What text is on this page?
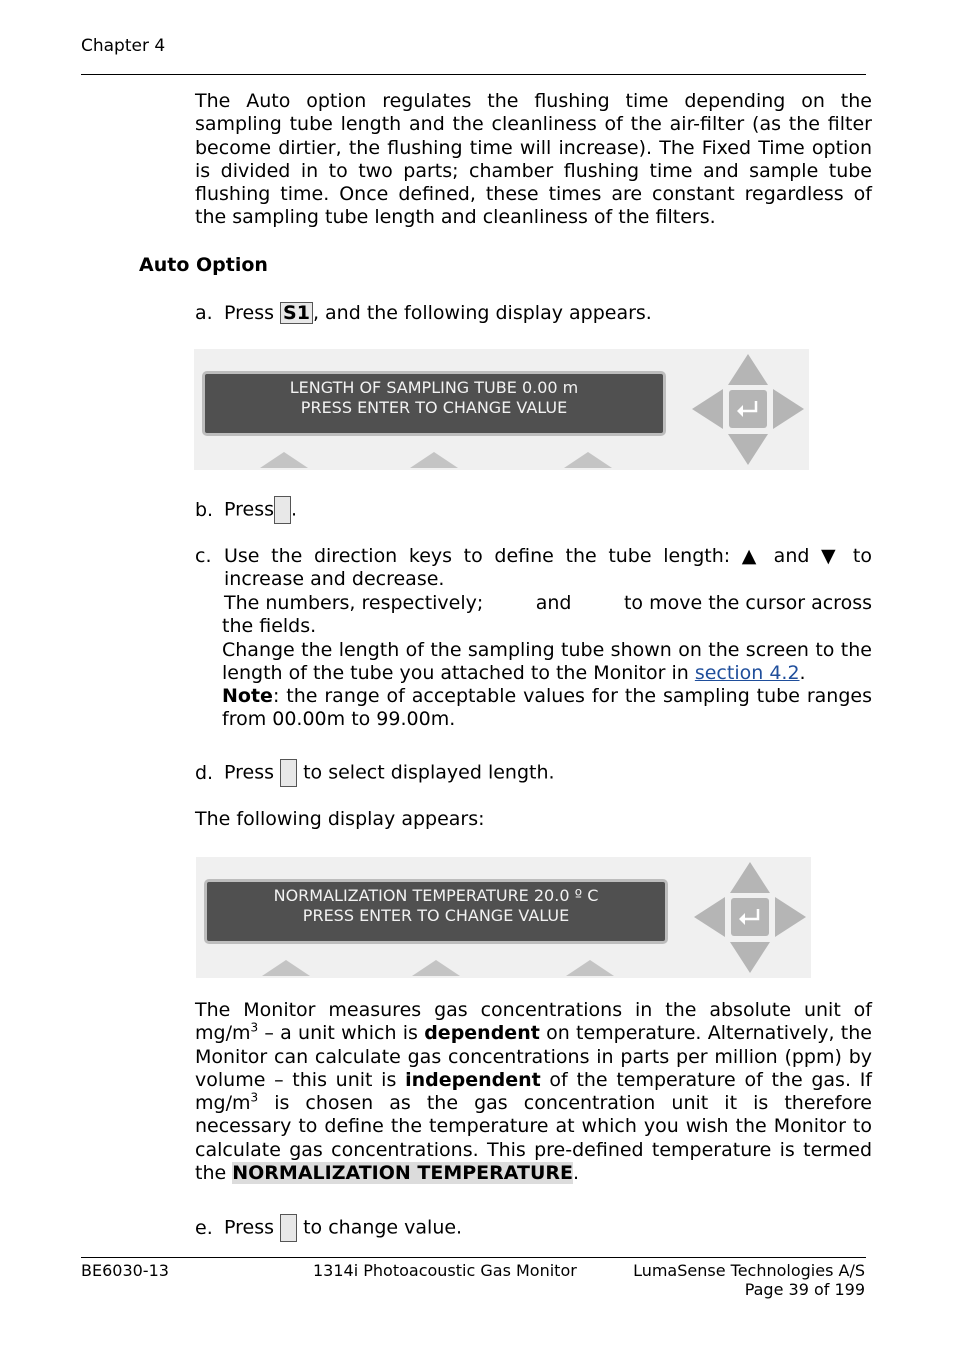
Chapter 4
The Auto option regulates the flushing time depending on the sampling tube length and the cleanliness of the air-filter (as the filter become dirtier, the flushing time will increase). The Fixed Time option is divided in to two parts; chamber flushing time and sample tube flushing time. Once defined, these times are constant regardless of the sampling tube length and cleanliness of the filters.
Auto Option
a. Press S1 , and the following display appears.
LENGTH OF SAMPLING TUBE 0.00 m
PRESS ENTER TO CHANGE VALUE
b. Press .
c. Use the direction keys to define the tube length: ▲ and ▼ to
increase and decrease.
The numbers, respectively;	and	to move the cursor across
the fields.
Change the length of the sampling tube shown on the screen to the length of the tube you attached to the Monitor in section 4.2.
Note: the range of acceptable values for the sampling tube ranges from 00.00m to 99.00m.
d. Press  to select displayed length.
The following display appears:
NORMALIZATION TEMPERATURE 20.0 º C
PRESS ENTER TO CHANGE VALUE
The Monitor measures gas concentrations in the absolute unit of $mg/m^3$ – a unit which is dependent on temperature. Alternatively, the Monitor can calculate gas concentrations in parts per million (ppm) by volume – this unit is independent of the temperature of the gas. If $mg/m^3$ is chosen as the gas concentration unit it is therefore necessary to define the temperature at which you wish the Monitor to calculate gas concentrations. This pre-defined temperature is termed the NORMALIZATION TEMPERATURE.
e. Press  to change value.
BE6030-13	1314i Photoacoustic Gas Monitor	LumaSense Technologies A/S
Page 39 of 199
